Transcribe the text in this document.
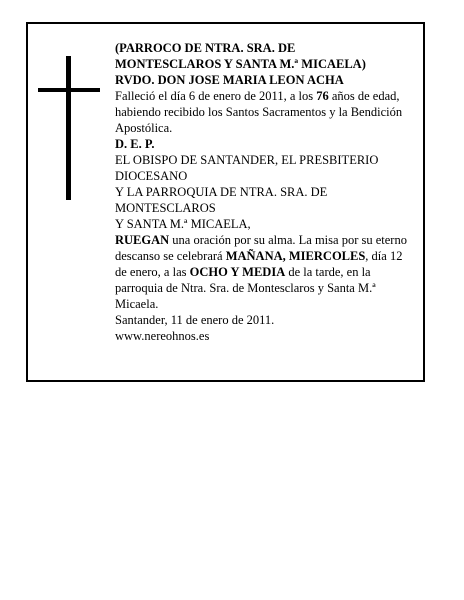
(PARROCO DE NTRA. SRA. DE
MONTESCLAROS Y SANTA M.ª MICAELA)

RVDO. DON JOSE MARIA LEON ACHA

Falleció el día 6 de enero de 2011, a los 76 años de edad, habiendo recibido los Santos Sacramentos y la Bendición Apostólica.

D. E. P.

EL OBISPO DE SANTANDER, EL PRESBITERIO DIOCESANO

Y LA PARROQUIA DE NTRA. SRA. DE MONTESCLAROS

Y SANTA M.ª MICAELA,

RUEGAN una oración por su alma. La misa por su eterno descanso se celebrará MAÑANA, MIERCOLES, día 12 de enero, a las OCHO Y MEDIA de la tarde, en la parroquia de Ntra. Sra. de Montesclaros y Santa M.ª Micaela.

Santander, 11 de enero de 2011.

www.nereohnos.es
